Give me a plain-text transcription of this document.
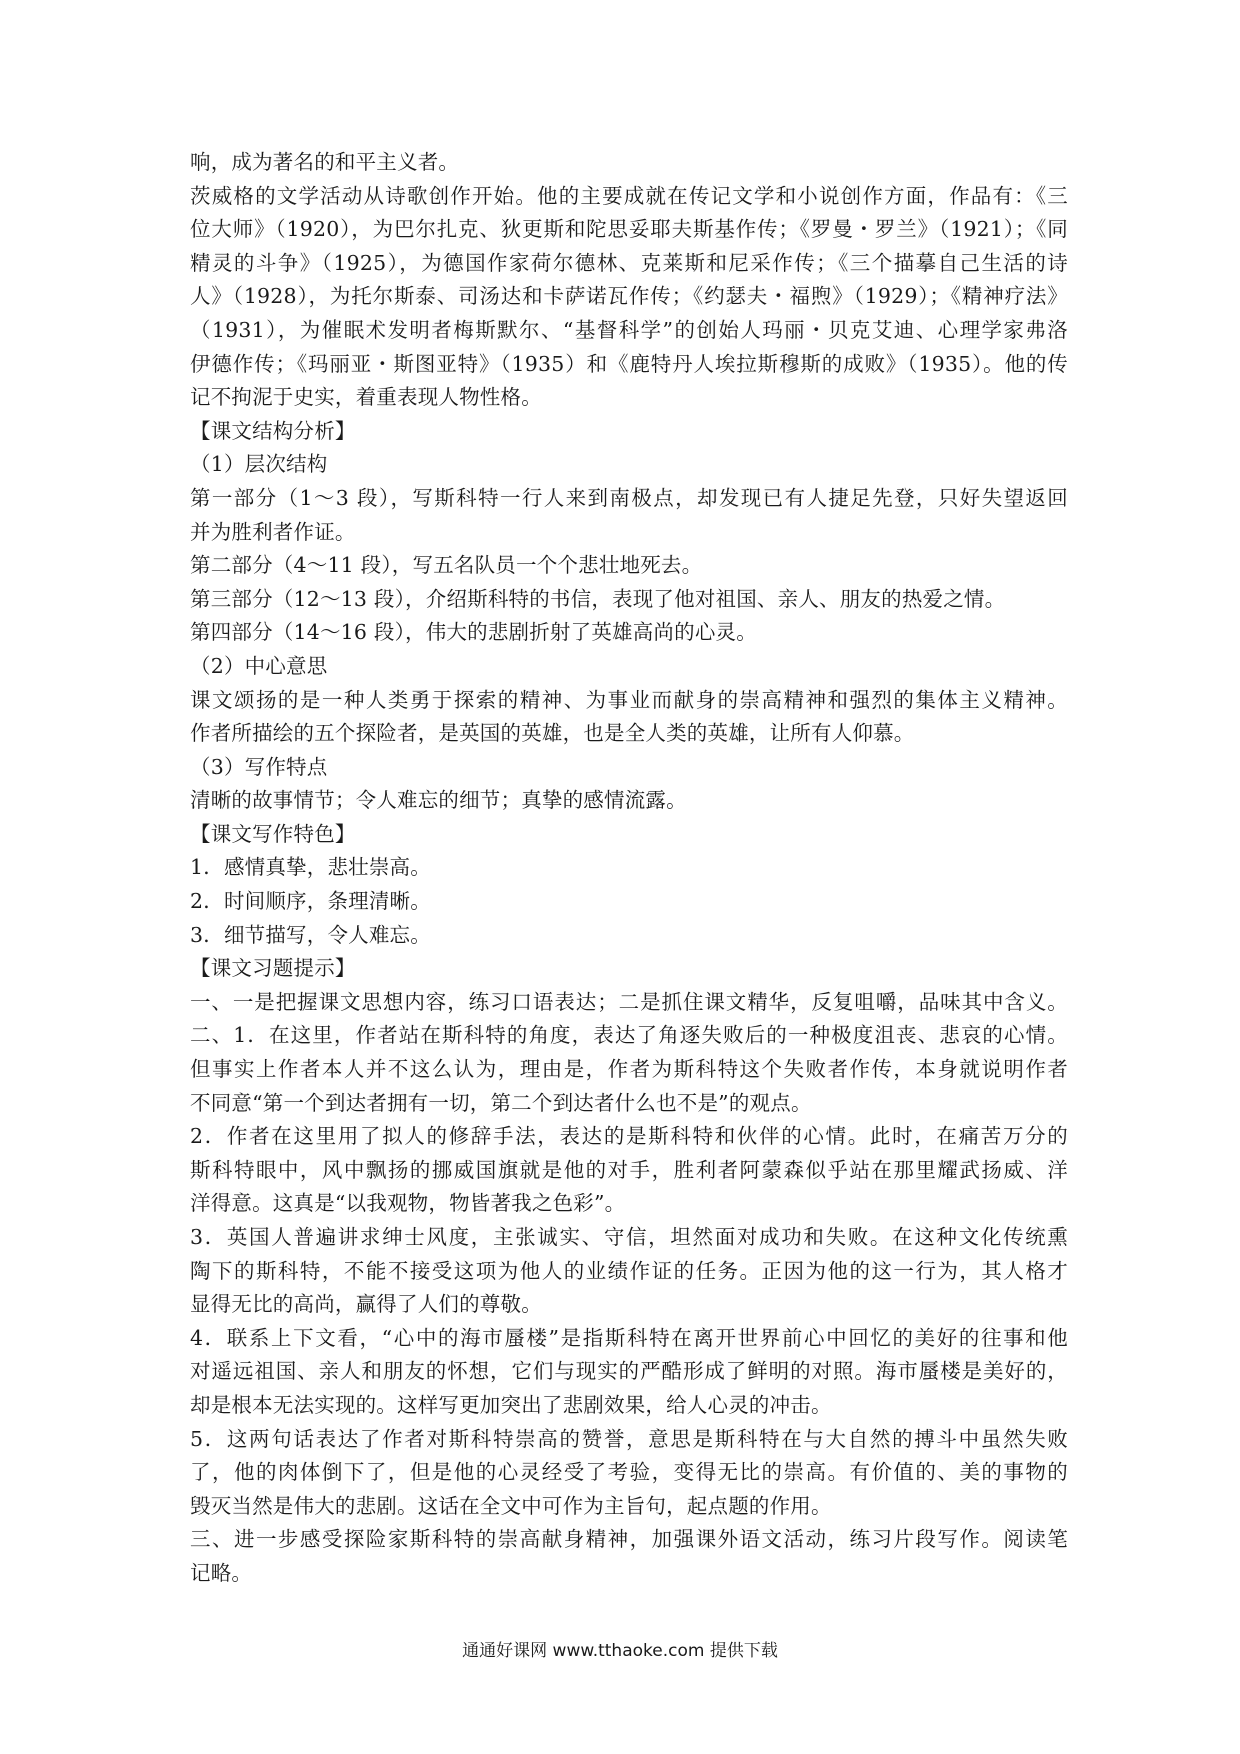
响，成为著名的和平主义者。
茨威格的文学活动从诗歌创作开始。他的主要成就在传记文学和小说创作方面，作品有：《三
位大师》（1920），为巴尔扎克、狄更斯和陀思妥耶夫斯基作传；《罗曼・罗兰》（1921）；《同
精灵的斗争》（1925），为德国作家荷尔德林、克莱斯和尼采作传；《三个描摹自己生活的诗
人》（1928），为托尔斯泰、司汤达和卡萨诺瓦作传；《约瑟夫・福煦》（1929）；《精神疗法》
（1931），为催眠术发明者梅斯默尔、“基督科学”的创始人玛丽・贝克艾迪、心理学家弗洛
伊德作传；《玛丽亚・斯图亚特》（1935）和《鹿特丹人埃拉斯穆斯的成败》（1935）。他的传
记不拘泥于史实，着重表现人物性格。
【课文结构分析】
（1）层次结构
第一部分（1～3 段），写斯科特一行人来到南极点，却发现已有人捷足先登，只好失望返回
并为胜利者作证。
第二部分（4～11 段），写五名队员一个个悲壮地死去。
第三部分（12～13 段），介绍斯科特的书信，表现了他对祖国、亲人、朋友的热爱之情。
第四部分（14～16 段），伟大的悲剧折射了英雄高尚的心灵。
（2）中心意思
课文颂扬的是一种人类勇于探索的精神、为事业而献身的崇高精神和强烈的集体主义精神。
作者所描绘的五个探险者，是英国的英雄，也是全人类的英雄，让所有人仰慕。
（3）写作特点
清晰的故事情节；令人难忘的细节；真挚的感情流露。
【课文写作特色】
1．感情真挚，悲壮崇高。
2．时间顺序，条理清晰。
3．细节描写，令人难忘。
【课文习题提示】
一、一是把握课文思想内容，练习口语表达；二是抓住课文精华，反复咀嚼，品味其中含义。
二、1．在这里，作者站在斯科特的角度，表达了角逐失败后的一种极度沮丧、悲哀的心情。
但事实上作者本人并不这么认为，理由是，作者为斯科特这个失败者作传，本身就说明作者
不同意“第一个到达者拥有一切，第二个到达者什么也不是”的观点。
2．作者在这里用了拟人的修辞手法，表达的是斯科特和伙伴的心情。此时，在痛苦万分的
斯科特眼中，风中飘扬的挪威国旗就是他的对手，胜利者阿蒙森似乎站在那里耀武扬威、洋
洋得意。这真是“以我观物，物皆著我之色彩”。
3．英国人普遍讲求绅士风度，主张诚实、守信，坦然面对成功和失败。在这种文化传统熏
陶下的斯科特，不能不接受这项为他人的业绩作证的任务。正因为他的这一行为，其人格才
显得无比的高尚，赢得了人们的尊敬。
4．联系上下文看，“心中的海市蜃楼”是指斯科特在离开世界前心中回忆的美好的往事和他
对遥远祖国、亲人和朋友的怀想，它们与现实的严酷形成了鲜明的对照。海市蜃楼是美好的，
却是根本无法实现的。这样写更加突出了悲剧效果，给人心灵的冲击。
5．这两句话表达了作者对斯科特崇高的赞誉，意思是斯科特在与大自然的搏斗中虽然失败
了，他的肉体倒下了，但是他的心灵经受了考验，变得无比的崇高。有价值的、美的事物的
毁灭当然是伟大的悲剧。这话在全文中可作为主旨句，起点题的作用。
三、进一步感受探险家斯科特的崇高献身精神，加强课外语文活动，练习片段写作。阅读笔
记略。
通通好课网 www.tthaoke.com 提供下载
